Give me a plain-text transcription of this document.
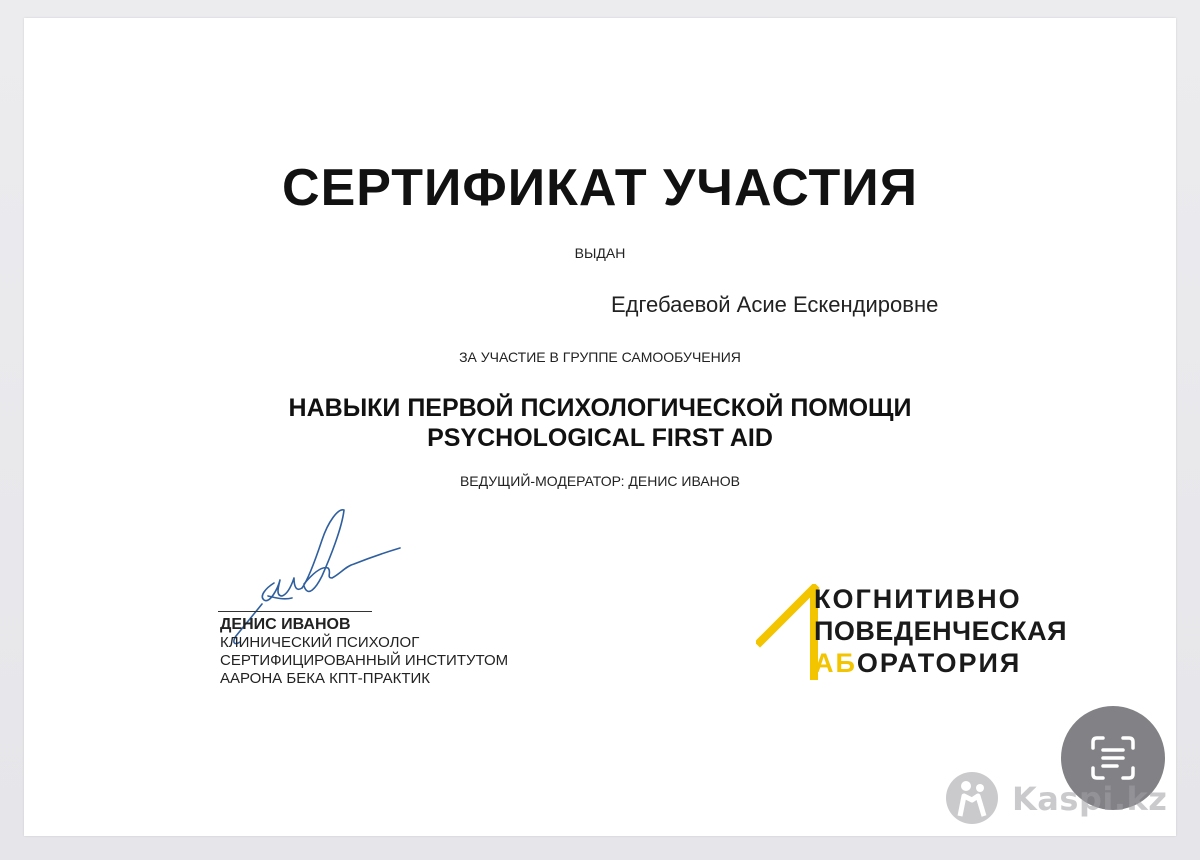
СЕРТИФИКАТ УЧАСТИЯ
ВЫДАН
Едгебаевой Асие Ескендировне
ЗА УЧАСТИЕ В ГРУППЕ САМООБУЧЕНИЯ
НАВЫКИ ПЕРВОЙ ПСИХОЛОГИЧЕСКОЙ ПОМОЩИ
PSYCHOLOGICAL FIRST AID
ВЕДУЩИЙ-МОДЕРАТОР: ДЕНИС ИВАНОВ
ДЕНИС ИВАНОВ
КЛИНИЧЕСКИЙ ПСИХОЛОГ
СЕРТИФИЦИРОВАННЫЙ ИНСТИТУТОМ
ААРОНА БЕКА КПТ-ПРАКТИК
КОГНИТИВНО
ПОВЕДЕНЧЕСКАЯ
АБОРАТОРИЯ
Kaspi.kz
